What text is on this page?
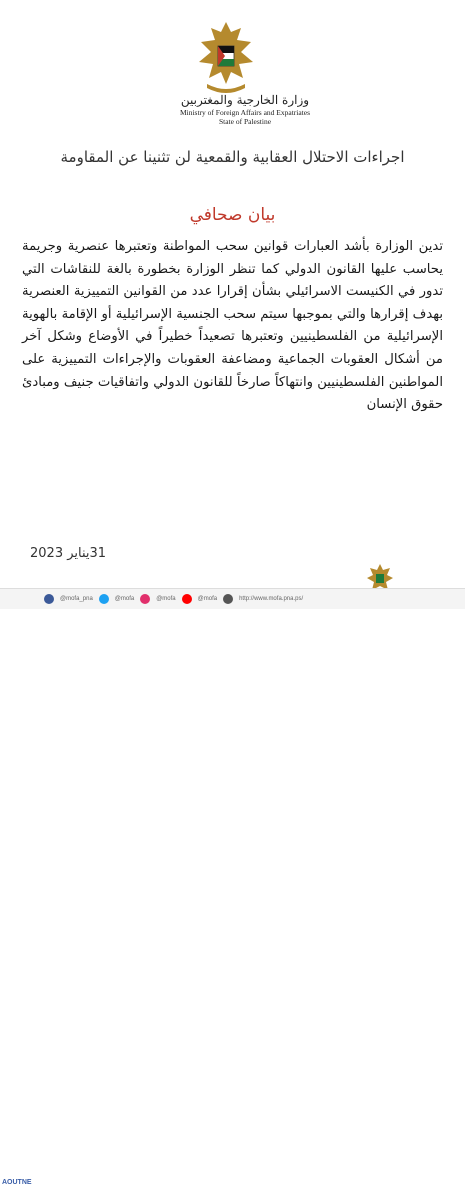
وزارة الخارجية والمغتربين
Ministry of Foreign Affairs and Expatriates
State of Palestine
اجراءات الاحتلال العقابية والقمعية لن تثنينا عن المقاومة
بيان صحافي
تدين الوزارة بأشد العبارات قوانين سحب المواطنة وتعتبرها عنصرية وجريمة يحاسب عليها القانون الدولي كما تنظر الوزارة بخطورة بالغة للنقاشات التي تدور في الكنيست الاسرائيلي بشأن إقرارا عدد من القوانين التمييزية العنصرية بهدف إقرارها والتي بموجبها سيتم سحب الجنسية الإسرائيلية أو الإقامة بالهوية الإسرائيلية من الفلسطينيين وتعتبرها تصعيداً خطيراً في الأوضاع وشكل آخر من أشكال العقوبات الجماعية ومضاعفة العقوبات والإجراءات التمييزية على المواطنين الفلسطينيين وانتهاكاً صارخاً للقانون الدولي واتفاقيات جنيف ومبادئ حقوق الإنسان
31يناير 2023
AOUTNE
@mofa_pna	@mofa	@mofa	@mofa	http://www.mofa.pna.ps/
